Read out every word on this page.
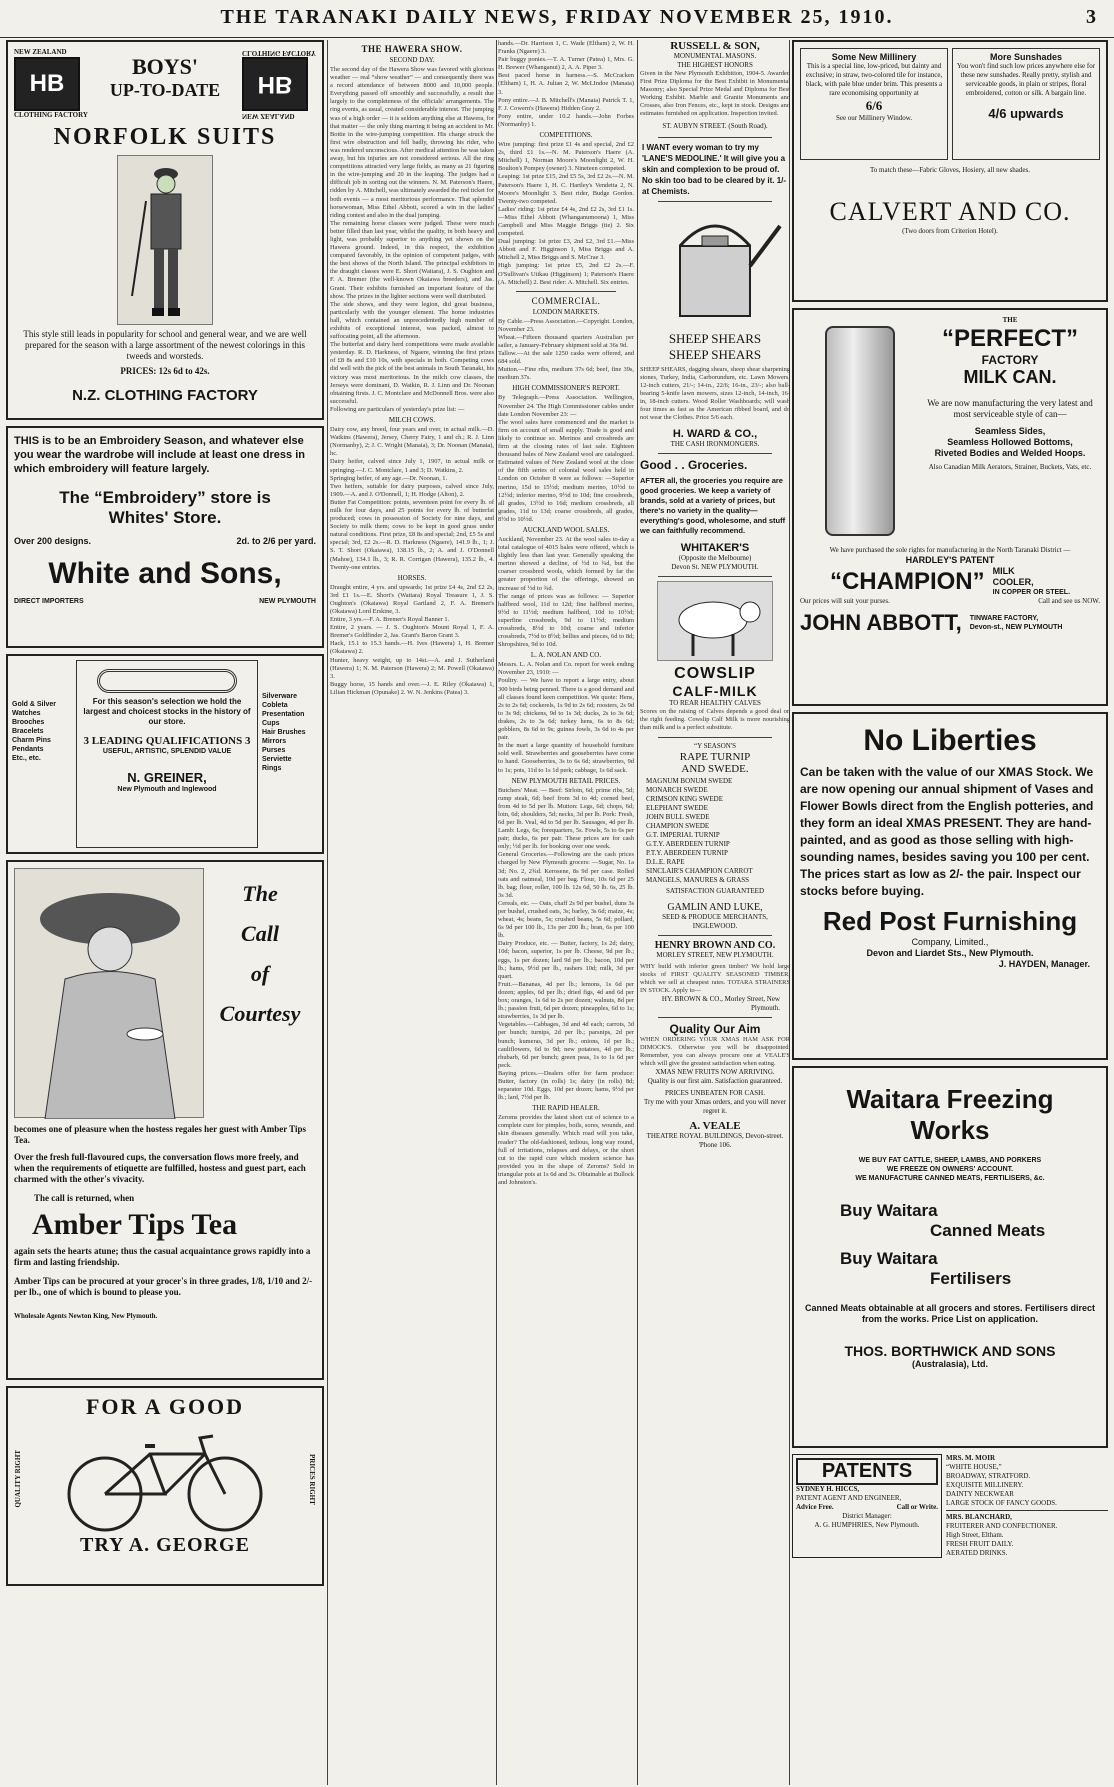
THE TARANAKI DAILY NEWS, FRIDAY NOVEMBER 25, 1910.	3
NEW ZEALAND
HB
CLOTHING FACTORY
BOYS'
UP-TO-DATE
NEW ZEALAND
HB
CLOTHING FACTORY
NORFOLK SUITS
This style still leads in popularity for school and general wear, and we are well prepared for the season with a large assortment of the newest colorings in this tweeds and worsteds.
PRICES: 12s 6d to 42s.
N.Z. CLOTHING FACTORY
THIS is to be an Embroidery Season, and whatever else you wear the wardrobe will include at least one dress in which embroidery will feature largely.
The “Embroidery” store is
Whites' Store.
Over 200 designs.	2d. to 2/6 per yard.
White and Sons,
DIRECT IMPORTERS	NEW PLYMOUTH
Gold & Silver
Watches
Brooches
Bracelets
Charm Pins
Pendants
Etc., etc.
For this season's selection we hold the largest and choicest stocks in the history of our store.
3 LEADING QUALIFICATIONS 3
USEFUL, ARTISTIC, SPLENDID VALUE
N. GREINER,
New Plymouth and Inglewood
Silverware
Cobleta
Presentation
Cups
Hair Brushes
Mirrors
Purses
Serviette
Rings
The
Call
of
Courtesy
becomes one of pleasure when the hostess regales her guest with Amber Tips Tea.
Over the fresh full-flavoured cups, the conversation flows more freely, and when the requirements of etiquette are fulfilled, hostess and guest part, each charmed with the other's vivacity.
The call is returned, when
Amber Tips Tea
again sets the hearts atune; thus the casual acquaintance grows rapidly into a firm and lasting friendship.
Amber Tips can be procured at your grocer's in three grades, 1/8, 1/10 and 2/- per lb., one of which is bound to please you.
Wholesale Agents Newton King, New Plymouth.
FOR A GOOD
QUALITY RIGHT	PRICES RIGHT
TRY A. GEORGE
THE HAWERA SHOW.
SECOND DAY.

The second day of the Hawera Show was favored with glorious weather — real “show weather” — and consequently there was a record attendance of between 8000 and 10,000 people. Everything passed off smoothly and successfully, a result due largely to the completeness of the officials' arrangements. The ring events, as usual, created considerable interest. The jumping was of a high order — it is seldom anything else at Hawera, for that matter — the only thing marring it being an accident to Mr. Bottie in the wire-jumping competition. His charge struck the first wire obstruction and fell badly, throwing his rider, who was rendered unconscious. After medical attention he was taken away, but his injuries are not considered serious. All the ring competitions attracted very large fields, as many as 21 figuring in the wire-jumping and 20 in the leaping. The judges had a difficult job in sorting out the winners. N. M. Paterson's Haere, ridden by A. Mitchell, was ultimately awarded the red ticket for both events — a most meritorious performance. That splendid horsewoman, Miss Ethel Abbott, scored a win in the ladies' riding contest and also in the dual jumping.

The remaining horse classes were judged. These were much better filled than last year, whilst the quality, in both heavy and light, was probably superior to anything yet shown on the Hawera ground. Indeed, in this respect, the exhibition compared favorably, in the opinion of competent judges, with the best shows of the North Island. The principal exhibitors in the draught classes were E. Short (Waitara), J. S. Oughton and F. A. Bremer (the well-known Okaiawa breeders), and Jas. Grant. Their exhibits furnished an important feature of the show. The prizes in the lighter sections were well distributed.

The side shows, and they were legion, did great business, particularly with the younger element. The home industries hall, which contained an unprecedentedly high number of exhibits of exceptional interest, was packed, almost to suffocating point, all the afternoon.

The butterfat and dairy herd competitions were made available yesterday. R. D. Harkness, of Ngaere, winning the first prizes of £8 8s and £10 10s, with specials in both. Competing cows did well with the pick of the best animals in South Taranaki, his victory was most meritorious. In the milch cow classes, the Jerseys were dominant, D. Watkin, R. J. Linn and Dr. Noonan obtaining firsts. J. C. Montclare and McDonnell Bros. were also successful.

Following are particulars of yesterday's prize list: —

MILCH COWS.

Dairy cow, any breed, four years and over, in actual milk.—D. Watkins (Hawera), Jersey, Cherry Fairy, 1 and ch.; R. J. Linn (Normanby), 2; J. C. Wright (Manaia), 3; Dr. Noonan (Manaia), hc.

Dairy heifer, calved since July 1, 1907, in actual milk or springing.—J. C. Montclare, 1 and 3; D. Watkins, 2.

Springing heifer, of any age.—Dr. Noonan, 1.

Two heifers, suitable for dairy purposes, calved since July, 1909.—A. and J. O'Donnell, 1; H. Hodge (Alton), 2.

Butter Fat Competition: points, seventeen point for every lb. of milk for four days, and 25 points for every lb. of butterfat produced; cows in possession of Society for nine days, and Society to milk them; cows to be kept in good grass under natural conditions. First prize, £8 8s and special; 2nd, £5 5s and special; 3rd, £2 2s.—R. D. Harkness (Ngaere), 141.9 lb., 1; J. S. T. Short (Okaiawa), 138.15 lb., 2; A. and J. O'Donnell (Mahoe), 134.1 lb., 3; R. R. Corrigan (Hawera), 135.2 lb., 4. Twenty-one entries.

HORSES.

Draught entire, 4 yrs. and upwards; 1st prize £4 4s, 2nd £2 2s, 3rd £1 1s.—E. Short's (Waitara) Royal Treasure 1, J. S. Oughton's (Okaiawa) Royal Gartland 2, F. A. Bremer's (Okaiawa) Lord Erskine, 3.

Entire, 3 yrs.—F. A. Bremer's Royal Banner 1.

Entire, 2 years. — J. S. Oughton's Mount Royal 1, F. A. Bremer's Goldfinder 2, Jas. Grant's Baron Grant 3.

Hack, 15.1 to 15.3 hands.—H. Ives (Hawera) 1, H. Bremer (Okaiawa) 2.

Hunter, heavy weight, up to 14st.—A. and J. Sutherland (Hawera) 1; N. M. Paterson (Hawera) 2; M. Powell (Okaiawa) 3.

Buggy horse, 15 hands and over.—J. E. Riley (Okaiawa) 1, Lilian Hickman (Opunake) 2. W. N. Jenkins (Patea) 3.

hands.—Dr. Harrison 1, C. Wade (Eltham) 2, W. H. Franks (Ngaere) 3.

Pair buggy ponies.—T. A. Turner (Patea) 1, Mrs. G. H. Brewer (Whanganui) 2, A. A. Piper 3.

Best paced horse in harness.—S. McCracken (Eltham) 1, H. A. Julian 2, W. McLIndoe (Manaia) 3.

Pony entire.—J. B. Mitchell's (Manaia) Patrick T. 1, F. J. Cowern's (Hawera) Hidden Gray 2.

Pony entire, under 10.2 hands.—John Forbes (Normanby) 1.

COMPETITIONS.

Wire jumping: first prize £1 4s and special, 2nd £2 2s, third £1 1s.—N. M. Paterson's Haere (A. Mitchell) 1, Norman Moore's Moonlight 2, W. H. Boulton's Pompey (owner) 3. Nineteen competed.

Leaping: 1st prize £15, 2nd £5 5s, 3rd £2 2s.—N. M. Paterson's Haere 1, H. C. Hartley's Vendetta 2, N. Moore's Moonlight 3. Best rider, Budge Gordon. Twenty-two competed.

Ladies' riding: 1st prize £4 4s, 2nd £2 2s, 3rd £1 1s.—Miss Ethel Abbott (Whanganumoona) 1, Miss Campbell and Miss Maggie Briggs (tie) 2. Six competed.

Dual jumping: 1st prize £3, 2nd £2, 3rd £1.—Miss Abbott and F. Higginson 1, Miss Briggs and A. Mitchell 2, Miss Briggs and S. McCrae 3.

High jumping: 1st prize £5, 2nd £2 2s.—F. O'Sullivan's Utikau (Higginson) 1; Paterson's Haere (A. Mitchell) 2. Best rider: A. Mitchell. Six entries.

COMMERCIAL.
LONDON MARKETS.

By Cable.—Press Association.—Copyright. London, November 23.

Wheat.—Fifteen thousand quarters Australian per sailer, a January-February shipment sold at 36s 9d.

Tallow.—At the sale 1250 casks were offered, and 684 sold.

Mutton.—Fine ribs, medium 37s 6d; beef, fine 39s, medium 37s.

HIGH COMMISSIONER'S REPORT.

By Telegraph.—Press Association. Wellington, November 24. The High Commissioner cables under date London November 23: —

The wool sales have commenced and the market is firm on account of small supply. Trade is good and likely to continue so. Merinos and crossbreds are firm at the closing rates of last sale. Eighteen thousand bales of New Zealand wool are catalogued. Estimated values of New Zealand wool at the close of the fifth series of colonial wool sales held in London on October 8 were as follows: —Superior merino, 15d to 15½d; medium merino, 10½d to 12½d; inferior merino, 9½d to 10d; fine crossbreds, all grades, 13½d to 16d; medium crossbreds, all grades, 11d to 13d; coarse crossbreds, all grades, 8½d to 10½d.

AUCKLAND WOOL SALES.

Auckland, November 23. At the wool sales to-day a total catalogue of 4015 bales were offered, which is slightly less than last year. Generally speaking the merino showed a decline, of ½d to ¾d, but the coarser crossbred wools, which formed by far the greater proportion of the offerings, showed an increase of ½d to ¾d.

The range of prices was as follows: — Superior halfbred wool, 11d to 12d; fine halfbred merino, 9½d to 11½d; medium halfbred, 10d to 10½d; superfine crossbreds, 9d to 11½d; medium crossbreds, 8½d to 10d; coarse and inferior crossbreds, 7½d to 8½d; bellies and pieces, 6d to 8d; Shropshires, 9d to 10d.

L. A. NOLAN AND CO.

Messrs. L. A. Nolan and Co. report for week ending November 23, 1910: —

Poultry. — We have to report a large entry, about 300 birds being penned. There is a good demand and all classes found keen competition. We quote: Hens, 2s to 2s 6d; cockerels, 1s 9d to 2s 6d; roosters, 2s 9d to 3s 9d; chickens, 9d to 1s 3d; ducks, 2s to 3s 6d; drakes, 2s to 3s 6d; turkey hens, 6s to 8s 6d; gobblers, 8s 6d to 9s; guinea fowls, 3s 6d to 4s per pair.

In the mart a large quantity of household furniture sold well. Strawberries and gooseberries have come to hand. Gooseberries, 3s to 6s 6d; strawberries, 9d to 1s; pots, 11d to 1s 1d perk; cabbage, 1s 6d sack.

NEW PLYMOUTH RETAIL PRICES.

Butchers' Meat. — Beef: Sirloin, 6d; prime ribs, 5d; rump steak, 6d; beef from 3d to 4d; corned beef, from 4d to 5d per lb. Mutton: Legs, 6d; chops, 6d; loin, 6d; shoulders, 5d; necks, 3d per lb. Pork: Fresh, 6d per lb. Veal, 4d to 5d per lb. Sausages, 4d per lb. Lamb: Legs, 6s; forequarters, 5s. Fowls, 5s to 6s per pair; ducks, 6s per pair. These prices are for cash only; ½d per lb. for booking over one week.

General Groceries.—Following are the cash prices charged by New Plymouth grocers: —Sugar, No. 1a 3d; No. 2, 2¾d. Kerosene, 8s 9d per case. Rolled oats and oatmeal, 10d per bag. Flour, 10s 6d per 25 lb. bag; flour, roller, 100 lb. 12s 6d, 50 lb. 6s, 25 lb. 3s 3d.

Cereals, etc. — Oats, chaff 2s 9d per bushel, duns 3s per bushel, crushed oats, 3s; barley, 3s 6d; maize, 4s; wheat, 4s; beans, 5s; crushed beans, 5s 6d; pollard, 6s 9d per 100 lb., 13s per 200 lb.; bran, 6s per 100 lb.

Dairy Produce, etc. — Butter, factory, 1s 2d; dairy, 10d; bacon, superior, 1s per lb. Cheese, 9d per lb.; eggs, 1s per dozen; lard 9d per lb.; bacon, 10d per lb.; hams, 9½d per lb., rashers 10d; milk, 3d per quart.

Fruit.—Bananas, 4d per lb.; lemons, 1s 6d per dozen; apples, 6d per lb.; dried figs, 4d and 6d per box; oranges, 1s 6d to 2s per dozen; walnuts, 8d per lb.; passion fruit, 6d per dozen; pineapples, 6d to 1s; strawberries, 1s 3d per lb.

Vegetables.—Cabbages, 3d and 4d each; carrots, 3d per bunch; turnips, 2d per lb.; parsnips, 2d per bunch; kumeras, 3d per lb.; onions, 1d per lb.; cauliflowers, 6d to 9d; new potatoes, 4d per lb.; rhubarb, 6d per bunch; green peas, 1s to 1s 6d per peck.

Baying prices.—Dealers offer for farm produce: Butter, factory (in rolls) 1s; dairy (in rolls) 8d; separator 10d. Eggs, 10d per dozen; hams, 9½d per lb.; lard, 7½d per lb.

THE RAPID HEALER.

Zeroms provides the latest short cut of science to a complete cure for pimples, boils, sores, wounds, and skin diseases generally. Which road will you take, reader? The old-fashioned, tedious, long way round, full of irritations, relapses and delays, or the short cut to the rapid cure which modern science has provided you in the shape of Zeroms? Sold in triangular pots at 1s 6d and 3s. Obtainable at Bullock and Johnston's.

RUSSELL & SON,
MONUMENTAL MASONS.
THE HIGHEST HONORS

Given in the New Plymouth Exhibition, 1904-5. Awarded First Prize Diploma for the Best Exhibit in Monumental Masonry; also Special Prize Medal and Diploma for Best Working Exhibit. Marble and Granite Monuments and Crosses, also Iron Fences, etc., kept in stock. Designs and estimates furnished on application. Inspection invited.

ST. AUBYN STREET. (South Road).
I WANT every woman to try my 'LANE'S MEDOLINE.' It will give you a skin and complexion to be proud of. No skin too bad to be cleared by it. 1/- at Chemists.
SHEEP SHEARS
SHEEP SHEARS

SHEEP SHEARS, dagging shears, sheep shear sharpening stones, Turkey, India, Carborundum, etc. Lawn Mowers, 12-inch cutters, 21/-; 14-in., 22/6; 16-in., 23/-; also ball-bearing 5-knife lawn mowers, sizes 12-inch, 14-inch, 16-in, 18-inch cutters. Wood Roller Washboards; will wash four times as fast as the American ribbed board, and do not wear the Clothes. Price 5/6 each.

H. WARD & CO.,
THE CASH IRONMONGERS.
Good . . Groceries.
AFTER all, the groceries you require are good groceries. We keep a variety of brands, sold at a variety of prices, but there's no variety in the quality—everything's good, wholesome, and stuff we can faithfully recommend.
WHITAKER'S
(Opposite the Melbourne)
Devon St. NEW PLYMOUTH.
COWSLIP
CALF-MILK
TO REAR HEALTHY CALVES

Scores on the raising of Calves depends a good deal on the right feeding. Cowslip Calf Milk is more nourishing than milk and is a perfect substitute.

“Y SEASON'S
RAPE TURNIP
AND SWEDE.
MAGNUM BONUM SWEDE
MONARCH SWEDE
CRIMSON KING SWEDE
ELEPHANT SWEDE
JOHN BULL SWEDE
CHAMPION SWEDE
G.T. IMPERIAL TURNIP
G.T.Y. ABERDEEN TURNIP
P.T.Y. ABERDEEN TURNIP
D.L.E. RAPE
SINCLAIR'S CHAMPION CARROT
MANGELS, MANURES & GRASS
SATISFACTION GUARANTEED
GAMLIN AND LUKE,
SEED & PRODUCE MERCHANTS, INGLEWOOD.
HENRY BROWN AND CO.
MORLEY STREET, NEW PLYMOUTH.

WHY build with inferior green timber? We hold large stocks of FIRST QUALITY SEASONED TIMBER, which we sell at cheapest rates. TOTARA STRAINERS IN STOCK. Apply to—

HY. BROWN & CO., Morley Street, New Plymouth.
Quality Our Aim

WHEN ORDERING YOUR XMAS HAM ASK FOR DIMOCK'S. Otherwise you will be disappointed. Remember, you can always procure one at VEALE'S which will give the greatest satisfaction when eating.

XMAS NEW FRUITS NOW ARRIVING.
Quality is our first aim. Satisfaction guaranteed.
PRICES UNBEATEN FOR CASH.
Try me with your Xmas orders, and you will never regret it.
A. VEALE
THEATRE ROYAL BUILDINGS, Devon-street. 'Phone 106.
Some New Millinery
This is a special line, low-priced, but dainty and exclusive; in straw, two-colored tile for instance, black, with pale blue under brim. This presents a rare economising opportunity at
6/6
See our Millinery Window.
More Sunshades
You won't find such low prices anywhere else for these new sunshades. Really pretty, stylish and serviceable goods, in plain or stripes, floral embroidered, cotton or silk. A bargain line.
4/6 upwards
To match these—Fabric Gloves, Hosiery, all new shades.
CALVERT AND CO.
(Two doors from Criterion Hotel).
THE
“PERFECT”
FACTORY
MILK CAN.
We are now manufacturing the very latest and most serviceable style of can—
Seamless Sides,
Seamless Hollowed Bottoms,
Riveted Bodies and Welded Hoops.
Also Canadian Milk Aerators, Strainer, Buckets, Vats, etc.
We have purchased the sole rights for manufacturing in the North Taranaki District —
HARDLEY'S PATENT
“CHAMPION” MILK
COOLER,
IN COPPER OR STEEL.
Our prices will suit your purses.	Call and see us NOW.
JOHN ABBOTT, TINWARE FACTORY,
Devon-st., NEW PLYMOUTH
No Liberties
Can be taken with the value of our XMAS Stock. We are now opening our annual shipment of Vases and Flower Bowls direct from the English potteries, and they form an ideal XMAS PRESENT. They are hand-painted, and as good as those selling with high-sounding names, besides saving you 100 per cent. The prices start as low as 2/- the pair. Inspect our stocks before buying.
Red Post Furnishing
Company, Limited.,
Devon and Liardet Sts., New Plymouth.
J. HAYDEN, Manager.
Waitara Freezing
Works
WE BUY FAT CATTLE, SHEEP, LAMBS, AND PORKERS
WE FREEZE ON OWNERS' ACCOUNT.
WE MANUFACTURE CANNED MEATS, FERTILISERS, &c.
Buy Waitara
Canned Meats
Buy Waitara
Fertilisers
Canned Meats obtainable at all grocers and stores. Fertilisers direct from the works. Price List on application.
THOS. BORTHWICK AND SONS
(Australasia), Ltd.
PATENTS
SYDNEY H. HICCS,
PATENT AGENT AND ENGINEER,
Advice Free.	Call or Write.
District Manager:
A. G. HUMPHRIES, New Plymouth.
MRS. M. MOIR
“WHITE HOUSE,”
BROADWAY, STRATFORD.
EXQUISITE MILLINERY.
DAINTY NECKWEAR
LARGE STOCK OF FANCY GOODS.
MRS. BLANCHARD,
FRUITERER AND CONFECTIONER.
High Street, Eltham.
FRESH FRUIT DAILY.
AERATED DRINKS.
